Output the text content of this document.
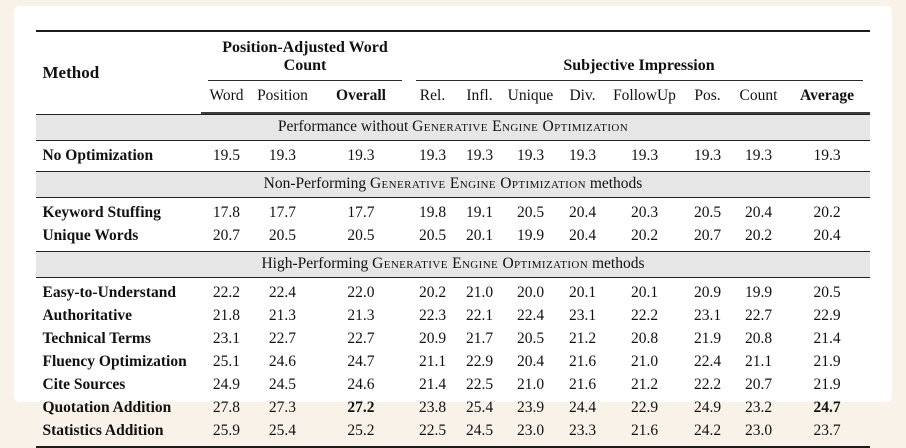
Method	Position-Adjusted Word Count			Subjective Impression							

	Word	Position	Overall	Rel.	Infl.	Unique	Div.	FollowUp	Pos.	Count	Average
Performance without Generative Engine Optimization											
No Optimization	19.5	19.3	19.3	19.3	19.3	19.3	19.3	19.3	19.3	19.3	19.3
Non-Performing Generative Engine Optimization methods											
Keyword Stuffing	17.8	17.7	17.7	19.8	19.1	20.5	20.4	20.3	20.5	20.4	20.2
Unique Words	20.7	20.5	20.5	20.5	20.1	19.9	20.4	20.2	20.7	20.2	20.4
High-Performing Generative Engine Optimization methods											
Easy-to-Understand	22.2	22.4	22.0	20.2	21.0	20.0	20.1	20.1	20.9	19.9	20.5
Authoritative	21.8	21.3	21.3	22.3	22.1	22.4	23.1	22.2	23.1	22.7	22.9
Technical Terms	23.1	22.7	22.7	20.9	21.7	20.5	21.2	20.8	21.9	20.8	21.4
Fluency Optimization	25.1	24.6	24.7	21.1	22.9	20.4	21.6	21.0	22.4	21.1	21.9
Cite Sources	24.9	24.5	24.6	21.4	22.5	21.0	21.6	21.2	22.2	20.7	21.9
Quotation Addition	27.8	27.3	27.2	23.8	25.4	23.9	24.4	22.9	24.9	23.2	24.7
Statistics Addition	25.9	25.4	25.2	22.5	24.5	23.0	23.3	21.6	24.2	23.0	23.7
